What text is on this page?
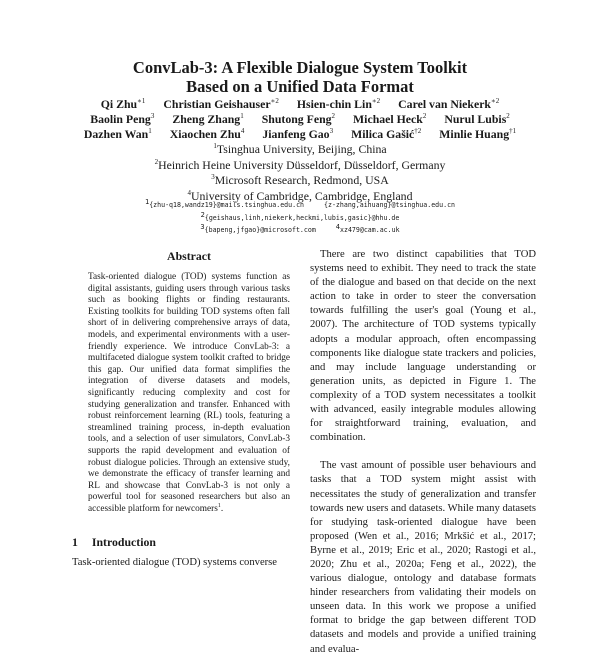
ConvLab-3: A Flexible Dialogue System Toolkit
Based on a Unified Data Format
Qi Zhu$^{∗1}$ Christian Geishauser$^{∗2}$ Hsien-chin Lin$^{∗2}$ Carel van Niekerk$^{∗2}$
Baolin Peng$^3$ Zheng Zhang$^1$ Shutong Feng$^2$ Michael Heck$^2$ Nurul Lubis$^2$
Dazhen Wan$^1$ Xiaochen Zhu$^4$ Jianfeng Gao$^3$ Milica Gašić$^{\dagger 2}$ Minlie Huang$^{\dagger 1}$
$^1$Tsinghua University, Beijing, China
$^2$Heinrich Heine University Düsseldorf, Düsseldorf, Germany
$^3$Microsoft Research, Redmond, USA
$^4$University of Cambridge, Cambridge, England
$^1${zhu-q18,wandz19}@mails.tsinghua.edu.cn	{z-zhang,aihuang}@tsinghua.edu.cn
$^2${geishaus,linh,niekerk,heckmi,lubis,gasic}@hhu.de
$^3${bapeng,jfgao}@microsoft.com	$^4$xz479@cam.ac.uk
Abstract

Task-oriented dialogue (TOD) systems function as digital assistants, guiding users through various tasks such as booking flights or finding restaurants. Existing toolkits for building TOD systems often fall short of in delivering comprehensive arrays of data, models, and experimental environments with a user-friendly experience. We introduce ConvLab-3: a multifaceted dialogue system toolkit crafted to bridge this gap. Our unified data format simplifies the integration of diverse datasets and models, significantly reducing complexity and cost for studying generalization and transfer. Enhanced with robust reinforcement learning (RL) tools, featuring a streamlined training process, in-depth evaluation tools, and a selection of user simulators, ConvLab-3 supports the rapid development and evaluation of robust dialogue policies. Through an extensive study, we demonstrate the efficacy of transfer learning and RL and showcase that ConvLab-3 is not only a powerful tool for seasoned researchers but also an accessible platform for newcomers$^1$.

1 Introduction

Task-oriented dialogue (TOD) systems converse

There are two distinct capabilities that TOD systems need to exhibit. They need to track the state of the dialogue and based on that decide on the next action to take in order to steer the conversation towards fulfilling the user's goal (Young et al., 2007). The architecture of TOD systems typically adopts a modular approach, often encompassing components like dialogue state trackers and policies, and may include language understanding or generation units, as depicted in Figure 1. The complexity of a TOD system necessitates a toolkit with advanced, easily integrable modules allowing for straightforward training, evaluation, and combination.

The vast amount of possible user behaviours and tasks that a TOD system might assist with necessitates the study of generalization and transfer towards new users and datasets. While many datasets for studying task-oriented dialogue have been proposed (Wen et al., 2016; Mrkšić et al., 2017; Byrne et al., 2019; Eric et al., 2020; Rastogi et al., 2020; Zhu et al., 2020a; Feng et al., 2022), the various dialogue, ontology and database formats hinder researchers from validating their models on unseen data. In this work we propose a unified format to bridge the gap between different TOD datasets and models and provide a unified training and evalua-
